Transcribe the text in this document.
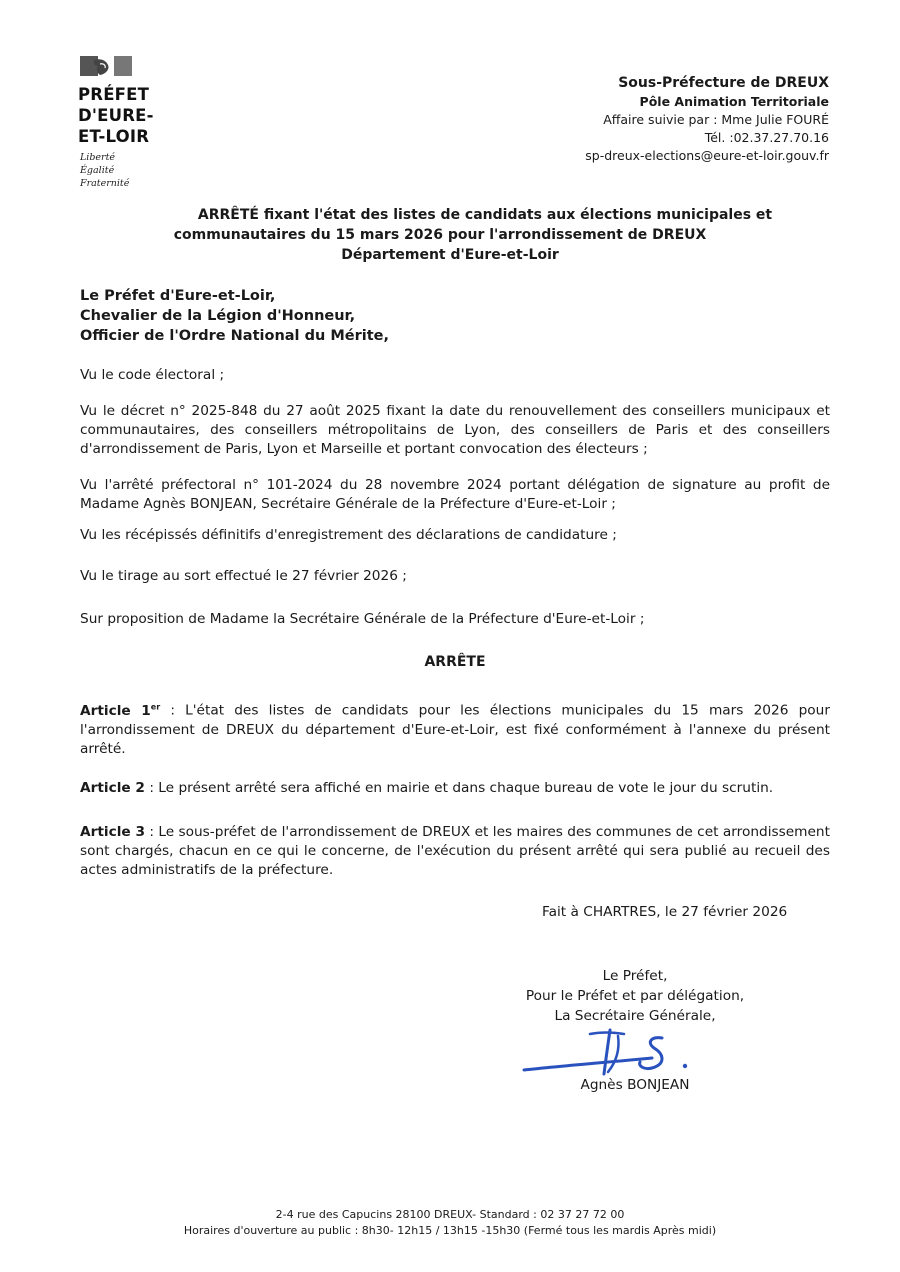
PRÉFET
D'EURE-
ET-LOIR
Liberté
Égalité
Fraternité
Sous-Préfecture de DREUX
Pôle Animation Territoriale
Affaire suivie par : Mme Julie FOURÉ
Tél. :02.37.27.70.16
sp-dreux-elections@eure-et-loir.gouv.fr
ARRÊTÉ fixant l'état des listes de candidats aux élections municipales et
communautaires du 15 mars 2026 pour l'arrondissement de DREUX
Département d'Eure-et-Loir
Le Préfet d'Eure-et-Loir,
Chevalier de la Légion d'Honneur,
Officier de l'Ordre National du Mérite,

Vu le code électoral ;

Vu le décret n° 2025-848 du 27 août 2025 fixant la date du renouvellement des conseillers municipaux et communautaires, des conseillers métropolitains de Lyon, des conseillers de Paris et des conseillers d'arrondissement de Paris, Lyon et Marseille et portant convocation des électeurs ;

Vu l'arrêté préfectoral n° 101-2024 du 28 novembre 2024 portant délégation de signature au profit de Madame Agnès BONJEAN, Secrétaire Générale de la Préfecture d'Eure-et-Loir ;

Vu les récépissés définitifs d'enregistrement des déclarations de candidature ;

Vu le tirage au sort effectué le 27 février 2026 ;

Sur proposition de Madame la Secrétaire Générale de la Préfecture d'Eure-et-Loir ;

ARRÊTE

Article 1er : L'état des listes de candidats pour les élections municipales du 15 mars 2026 pour l'arrondissement de DREUX du département d'Eure-et-Loir, est fixé conformément à l'annexe du présent arrêté.

Article 2 : Le présent arrêté sera affiché en mairie et dans chaque bureau de vote le jour du scrutin.

Article 3 : Le sous-préfet de l'arrondissement de DREUX et les maires des communes de cet arrondissement sont chargés, chacun en ce qui le concerne, de l'exécution du présent arrêté qui sera publié au recueil des actes administratifs de la préfecture.

Fait à CHARTRES, le 27 février 2026
Le Préfet,
Pour le Préfet et par délégation,
La Secrétaire Générale,
Agnès BONJEAN
2-4 rue des Capucins 28100 DREUX- Standard : 02 37 27 72 00
Horaires d'ouverture au public : 8h30- 12h15 / 13h15 -15h30 (Fermé tous les mardis Après midi)
